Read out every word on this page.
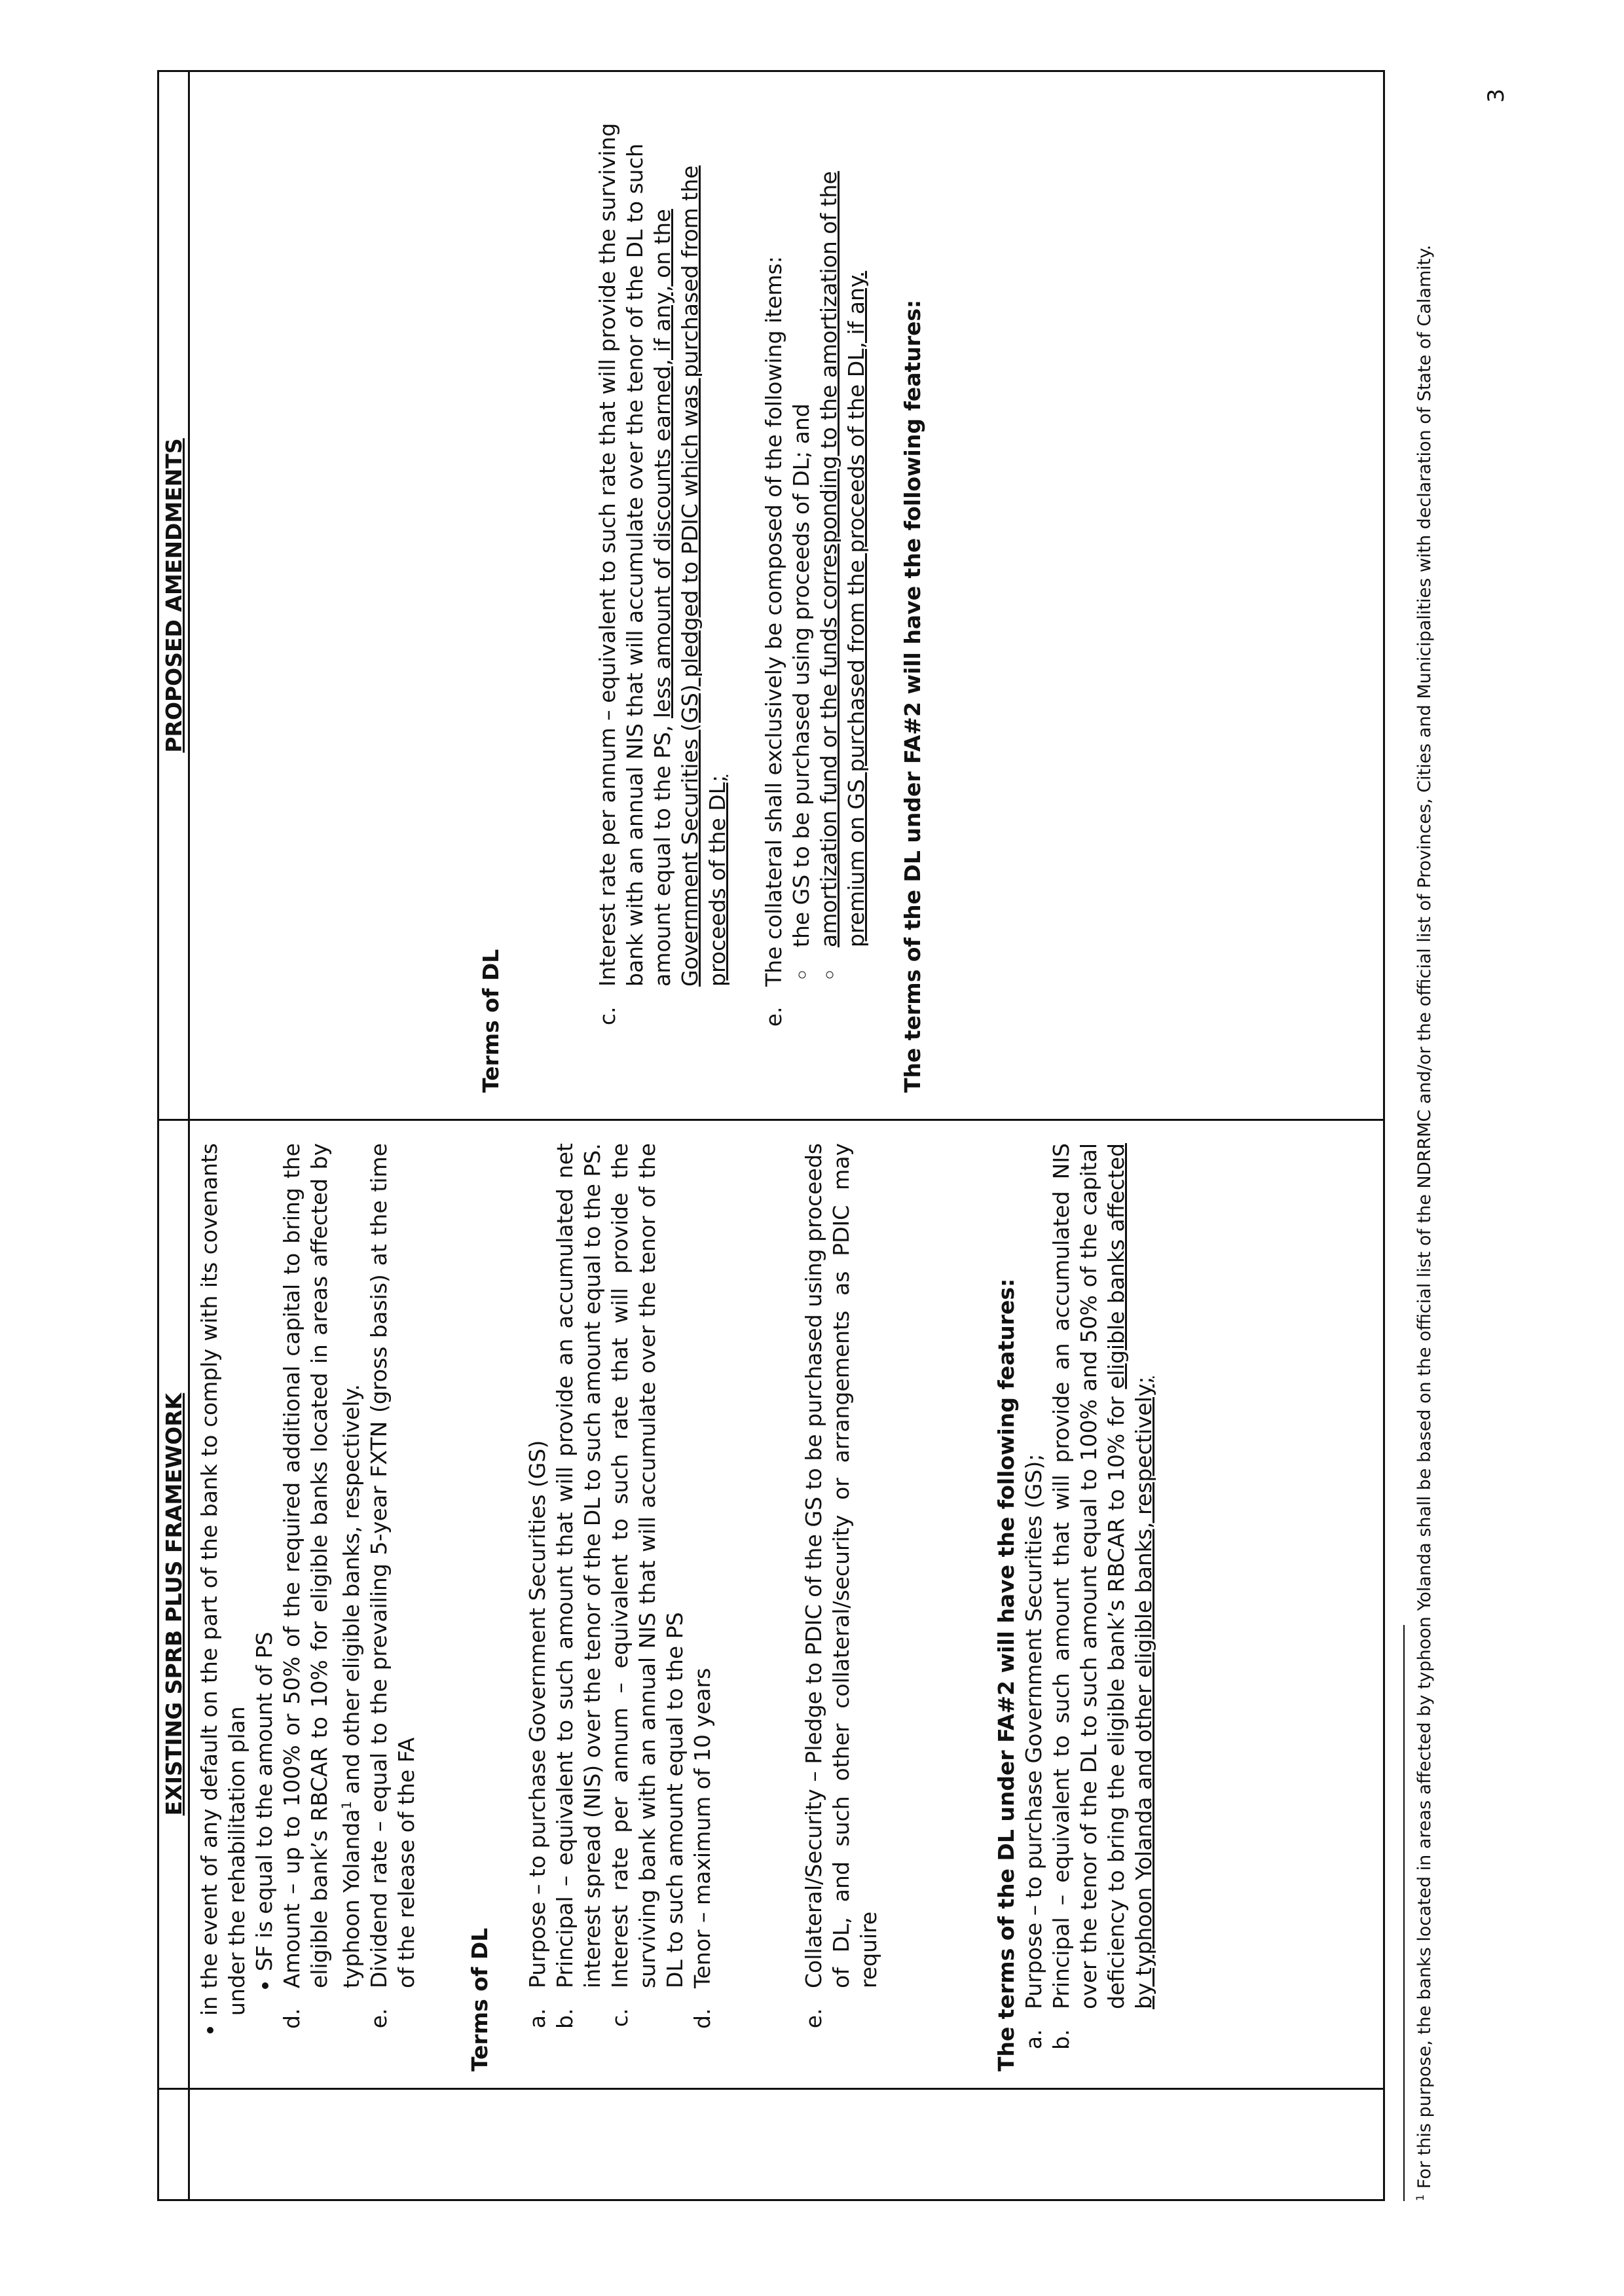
EXISTING SPRB PLUS FRAMEWORK • in the event of any default on the part of the bank to comply with its covenants under the rehabilitation plan • SF is equal to the amount of PS d. Amount – up to 100% or 50% of the required additional capital to bring the eligible bank’s RBCAR to 10% for eligible banks located in areas affected by typhoon Yolanda$^1$ and other eligible banks, respectively. e. Dividend rate – equal to the prevailing 5-year FXTN (gross basis) at the time of the release of the FA

Terms of DL

a. Purpose – to purchase Government Securities (GS) b. Principal – equivalent to such amount that will provide an accumulated net interest spread (NIS) over the tenor of the DL to such amount equal to the PS. c. Interest rate per annum – equivalent to such rate that will provide the surviving bank with an annual NIS that will accumulate over the tenor of the DL to such amount equal to the PS d. Tenor – maximum of 10 years	e. Collateral/Security – Pledge to PDIC of the GS to be purchased using proceeds of DL, and such other collateral/security or arrangements as PDIC may require	The terms of the DL under FA#2 will have the following features: a. Purpose – to purchase Government Securities (GS); b. Principal – equivalent to such amount that will provide an accumulated NIS over the tenor of the DL to such amount equal to 100% and 50% of the capital deficiency to bring the eligible bank’s RBCAR to 10% for eligible banks affected by typhoon Yolanda and other eligible banks, respectively;
PROPOSED AMENDMENTS

Terms of DL

c. Interest rate per annum – equivalent to such rate that will provide the surviving bank with an annual NIS that will accumulate over the tenor of the DL to such amount equal to the PS, less amount of discounts earned, if any, on the Government Securities (GS) pledged to PDIC which was purchased from the proceeds of the DL; e. The collateral shall exclusively be composed of the following items: ◦ the GS to be purchased using proceeds of DL; and ◦ amortization fund or the funds corresponding to the amortization of the premium on GS purchased from the proceeds of the DL, if any. The terms of the DL under FA#2 will have the following features:

$^1$ For this purpose, the banks located in areas affected by typhoon Yolanda shall be based on the official list of the NDRRMC and/or the official list of Provinces, Cities and Municipalities with declaration of State of Calamity.
3
